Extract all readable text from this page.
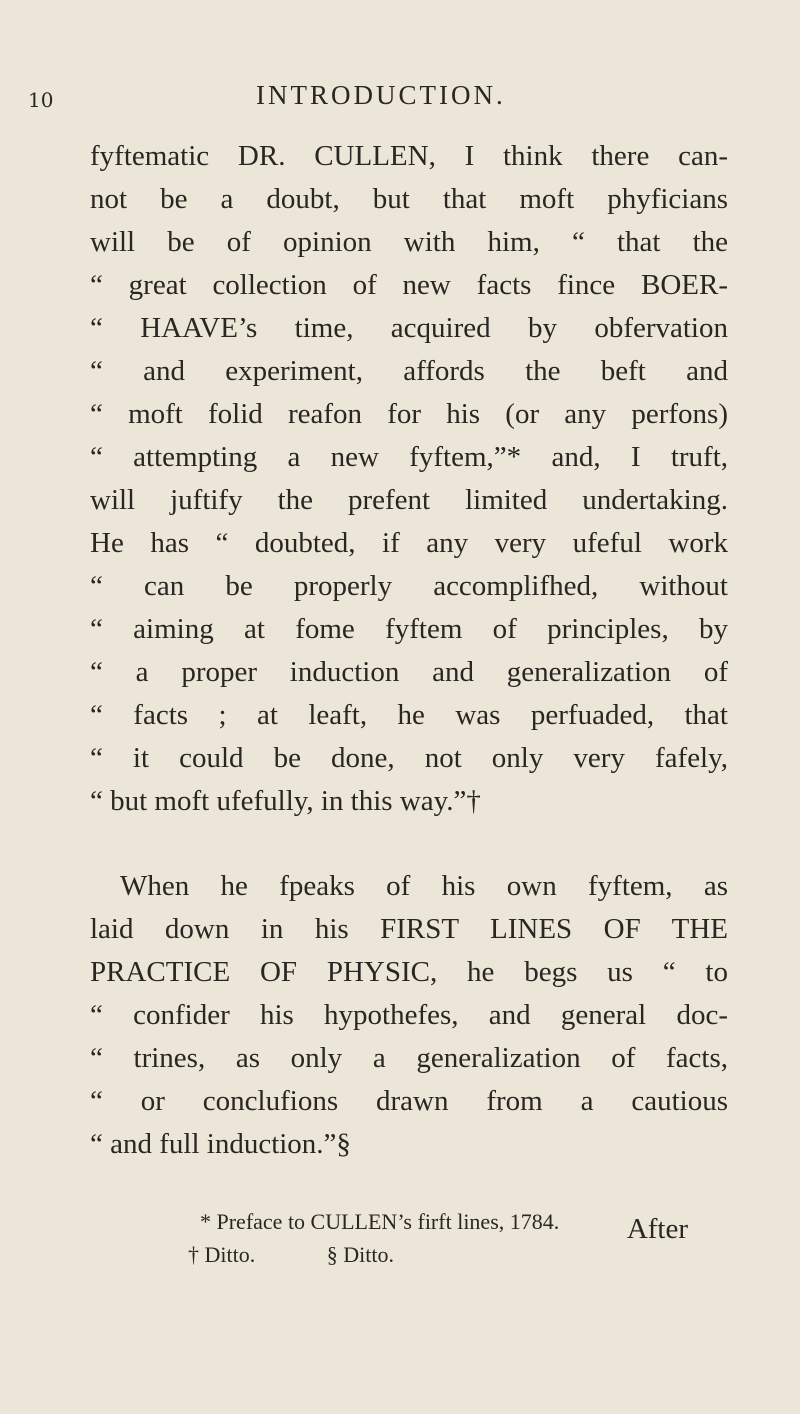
10	INTRODUCTION.
fyftematic DR. CULLEN, I think there can-
not be a doubt, but that moft phyficians
will be of opinion with him, “ that the
“ great collection of new facts fince BOER-
“ HAAVE’s time, acquired by obfervation
“ and experiment, affords the beft and
“ moft folid reafon for his (or any perfons)
“ attempting a new fyftem,”* and, I truft,
will juftify the prefent limited undertaking.
He has “ doubted, if any very ufeful work
“ can be properly accomplifhed, without
“ aiming at fome fyftem of principles, by
“ a proper induction and generalization of
“ facts ; at leaft, he was perfuaded, that
“ it could be done, not only very fafely,
“ but moft ufefully, in this way.”†
When he fpeaks of his own fyftem, as
laid down in his FIRST LINES OF THE
PRACTICE OF PHYSIC, he begs us “ to
“ confider his hypothefes, and general doc-
“ trines, as only a generalization of facts,
“ or conclufions drawn from a cautious
“ and full induction.”§
After
* Preface to CULLEN’s firft lines, 1784.
† Ditto.	§ Ditto.
